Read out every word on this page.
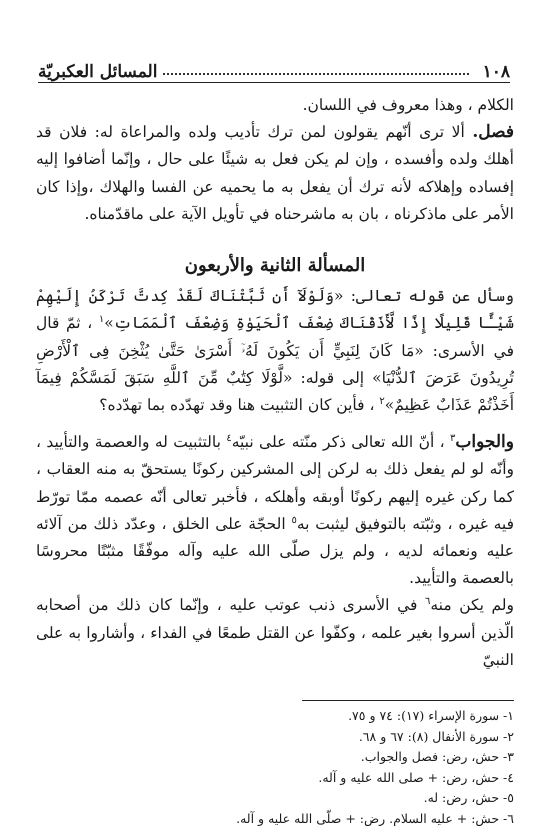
١٠٨
المسائل العكبريّة

الكلام ، وهذا معروف في اللسان.

فصل. ألا ترى أنّهم يقولون لمن ترك تأديب ولده والمراعاة له: فلان قد أهلك ولده وأفسده ، وإن لم يكن فعل به شيئًا على حال ، وإنّما أضافوا إليه إفساده وإهلاكه لأنه ترك أن يفعل به ما يحميه عن الفسا والهلاك ،وإذا كان الأمر على ماذكرناه ، بان به ماشرحناه في تأويل الآية على ماقدّمناه.

المسألة الثانية والأربعون

وسأل عن قوله تعالى: «وَلَوْلَآ أَن ثَبَّتْنَاكَ لَقَدْ كِدتَّ تَرْكَنُ إِلَيْهِمْ شَيْـًٔا قَلِيلًا إِذًا لَّأَذَقْنَاكَ ضِعْفَ ٱلْحَيَوٰةِ وَضِعْفَ ٱلْمَمَاتِ»$^١$ ، ثمّ قال في الأسرى: «مَا كَانَ لِنَبِيٍّ أَن يَكُونَ لَهُۥٓ أَسْرَىٰ حَتَّىٰ يُثْخِنَ فِى ٱلْأَرْضِ تُرِيدُونَ عَرَضَ ٱلدُّنْيَا» إلى قوله: «لَّوْلَا كِتَٰبٌ مِّنَ ٱللَّهِ سَبَقَ لَمَسَّكُمْ فِيمَآ أَخَذْتُمْ عَذَابٌ عَظِيمٌ»$^٢$ ، فأين كان التثبيت هنا وقد تهدّده بما تهدّده؟

والجواب$^٣$ ، أنّ الله تعالى ذكر منّته على نبيّه$^٤$ بالتثبيت له والعصمة والتأييد ، وأنّه لو لم يفعل ذلك به لركن إلى المشركين ركونًا يستحقّ به منه العقاب ، كما ركن غيره إليهم ركونًا أوبقه وأهلكه ، فأخبر تعالى أنّه عصمه ممّا تورّط فيه غيره ، وثبّته بالتوفيق ليثبت به$^٥$ الحجّة على الخلق ، وعدّد ذلك من آلائه عليه ونعمائه لديه ، ولم يزل صلّى الله عليه وآله موفّقًا مثبّتًا محروسًا بالعصمة والتأييد.

ولم يكن منه$^٦$ في الأسرى ذنب عوتب عليه ، وإنّما كان ذلك من أصحابه الّذين أسروا بغير علمه ، وكفّوا عن القتل طمعًا في الفداء ، وأشاروا به على النبيّ

١- سورة الإسراء (١٧): ٧٤ و ٧٥.
٢- سورة الأنفال (٨): ٦٧ و ٦٨.
٣- حش، رض: فصل والجواب.
٤- حش، رض: + صلى الله عليه و آله.
٥- حش، رض: له.
٦- حش: + عليه السلام. رض: + صلّى الله عليه و آله.
